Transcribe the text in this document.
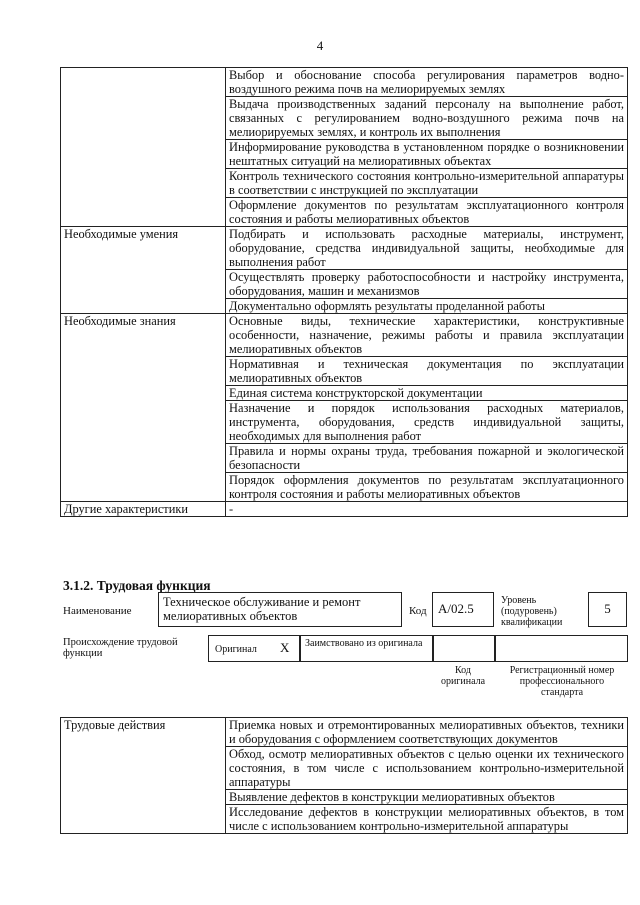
4
	Выбор и обоснование способа регулирования параметров водно-воздушного режима почв на мелиорируемых землях
	Выдача производственных заданий персоналу на выполнение работ, связанных с регулированием водно-воздушного режима почв на мелиорируемых землях, и контроль их выполнения
	Информирование руководства в установленном порядке о возникновении нештатных ситуаций на мелиоративных объектах
	Контроль технического состояния контрольно-измерительной аппаратуры в соответствии с инструкцией по эксплуатации
	Оформление документов по результатам эксплуатационного контроля состояния и работы мелиоративных объектов
Необходимые умения	Подбирать и использовать расходные материалы, инструмент, оборудование, средства индивидуальной защиты, необходимые для выполнения работ
	Осуществлять проверку работоспособности и настройку инструмента, оборудования, машин и механизмов
	Документально оформлять результаты проделанной работы
Необходимые знания	Основные виды, технические характеристики, конструктивные особенности, назначение, режимы работы и правила эксплуатации мелиоративных объектов
	Нормативная и техническая документация по эксплуатации мелиоративных объектов
	Единая система конструкторской документации
	Назначение и порядок использования расходных материалов, инструмента, оборудования, средств индивидуальной защиты, необходимых для выполнения работ
	Правила и нормы охраны труда, требования пожарной и экологической безопасности
	Порядок оформления документов по результатам эксплуатационного контроля состояния и работы мелиоративных объектов
Другие характеристики	-
3.1.2. Трудовая функция
Наименование
Техническое обслуживание и ремонт мелиоративных объектов	Код А/02.5
Уровень (подуровень) квалификации
5
Происхождение трудовой функции	Оригинал X Заимствовано из оригинала
Код оригинала
Регистрационный номер профессионального стандарта
Трудовые действия	Приемка новых и отремонтированных мелиоративных объектов, техники и оборудования с оформлением соответствующих документов
Обход, осмотр мелиоративных объектов с целью оценки их технического состояния, в том числе с использованием контрольно-измерительной аппаратуры
Выявление дефектов в конструкции мелиоративных объектов
Исследование дефектов в конструкции мелиоративных объектов, в том числе с использованием контрольно-измерительной аппаратуры
